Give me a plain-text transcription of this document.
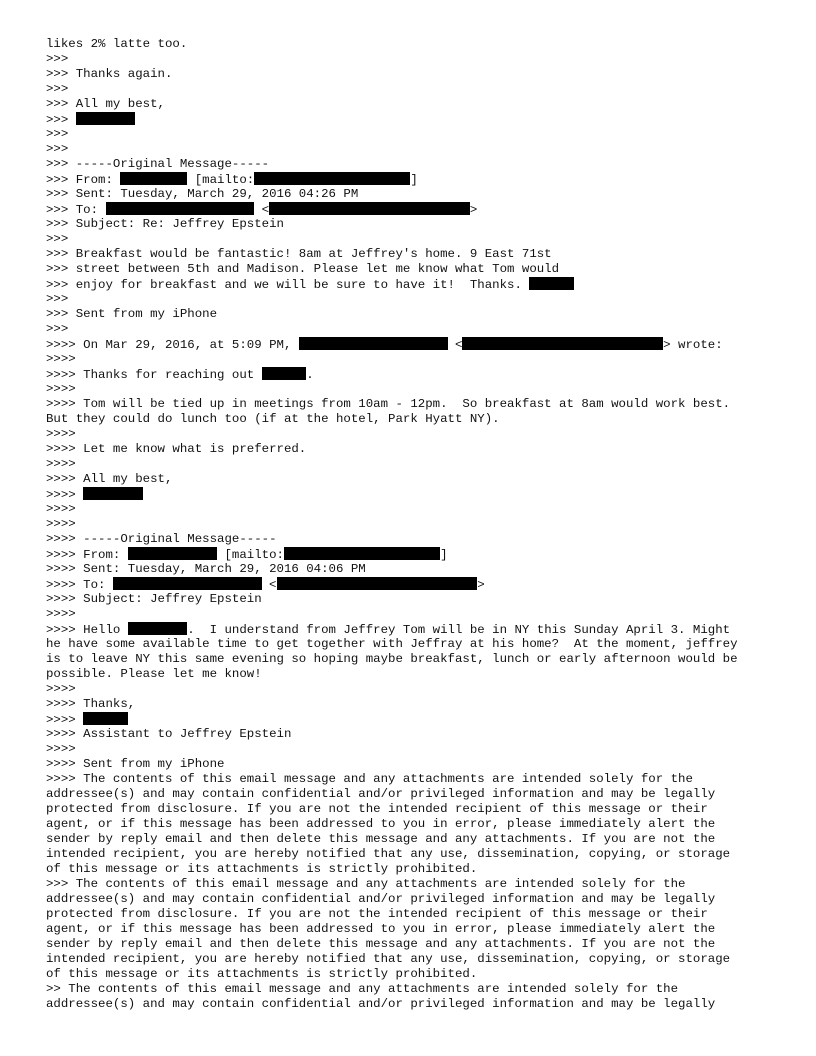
likes 2% latte too.
>>>
>>> Thanks again.
>>>
>>> All my best,
>>>
>>>
>>>
>>> -----Original Message-----
>>> From:	[mailto:	]
>>> Sent: Tuesday, March 29, 2016 04:26 PM
>>> To:	<	>
>>> Subject: Re: Jeffrey Epstein
>>>
>>> Breakfast would be fantastic! 8am at Jeffrey's home. 9 East 71st
>>> street between 5th and Madison. Please let me know what Tom would
>>> enjoy for breakfast and we will be sure to have it!  Thanks.
>>>
>>> Sent from my iPhone
>>>
>>>> On Mar 29, 2016, at 5:09 PM,	<	> wrote:
>>>>
>>>> Thanks for reaching out	.
>>>>
>>>> Tom will be tied up in meetings from 10am - 12pm.  So breakfast at 8am would work best.
But they could do lunch too (if at the hotel, Park Hyatt NY).
>>>>
>>>> Let me know what is preferred.
>>>>
>>>> All my best,
>>>>
>>>>
>>>>
>>>> -----Original Message-----
>>>> From:	[mailto:	]
>>>> Sent: Tuesday, March 29, 2016 04:06 PM
>>>> To:	<	>
>>>> Subject: Jeffrey Epstein
>>>>
>>>> Hello	.  I understand from Jeffrey Tom will be in NY this Sunday April 3. Might
he have some available time to get together with Jeffray at his home?  At the moment, jeffrey
is to leave NY this same evening so hoping maybe breakfast, lunch or early afternoon would be
possible. Please let me know!
>>>>
>>>> Thanks,
>>>>
>>>> Assistant to Jeffrey Epstein
>>>>
>>>> Sent from my iPhone
>>>> The contents of this email message and any attachments are intended solely for the
addressee(s) and may contain confidential and/or privileged information and may be legally
protected from disclosure. If you are not the intended recipient of this message or their
agent, or if this message has been addressed to you in error, please immediately alert the
sender by reply email and then delete this message and any attachments. If you are not the
intended recipient, you are hereby notified that any use, dissemination, copying, or storage
of this message or its attachments is strictly prohibited.
>>> The contents of this email message and any attachments are intended solely for the
addressee(s) and may contain confidential and/or privileged information and may be legally
protected from disclosure. If you are not the intended recipient of this message or their
agent, or if this message has been addressed to you in error, please immediately alert the
sender by reply email and then delete this message and any attachments. If you are not the
intended recipient, you are hereby notified that any use, dissemination, copying, or storage
of this message or its attachments is strictly prohibited.
>> The contents of this email message and any attachments are intended solely for the
addressee(s) and may contain confidential and/or privileged information and may be legally
